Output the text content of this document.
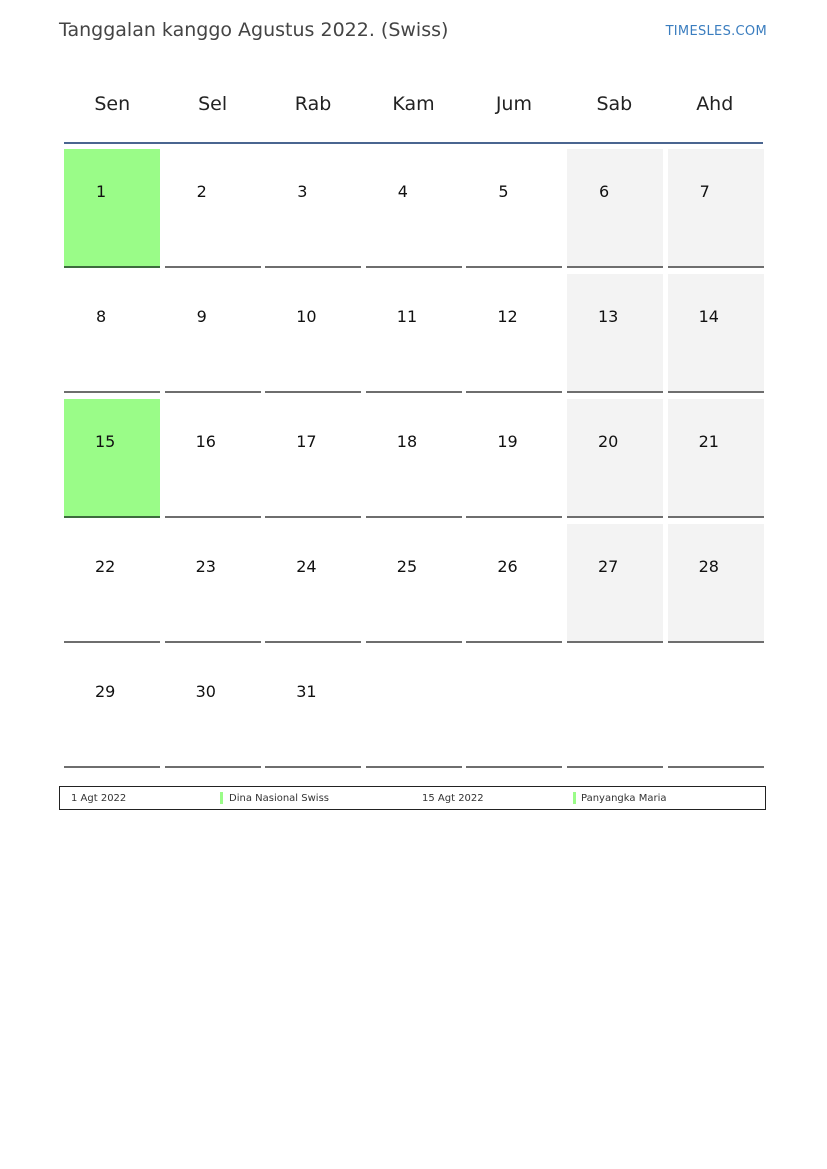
Tanggalan kanggo Agustus 2022. (Swiss)	TIMESLES.COM
Sen	Sel	Rab	Kam	Jum	Sab	Ahd
1	2	3	4	5	6	7
8	9	10	11	12	13	14
15	16	17	18	19	20	21
22	23	24	25	26	27	28
29	30	31
1 Agt 2022	Dina Nasional Swiss	15 Agt 2022	Panyangka Maria
